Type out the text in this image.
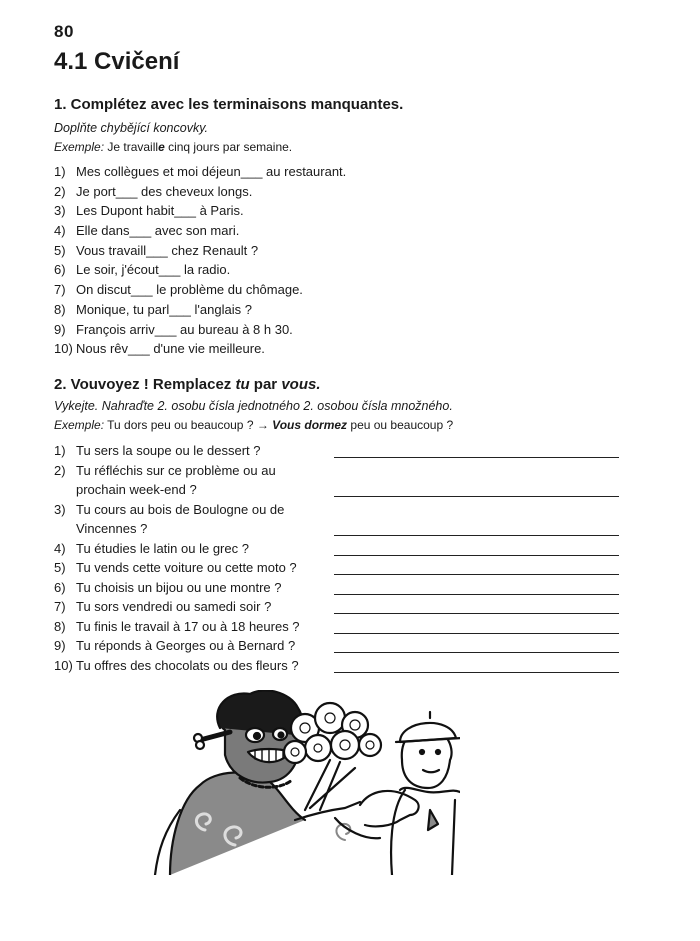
80
4.1 Cvičení
1. Complétez avec les terminaisons manquantes.
Doplňte chybějící koncovky.
Exemple: Je travaille cinq jours par semaine.
1) Mes collègues et moi déjeun___ au restaurant.
2) Je port___ des cheveux longs.
3) Les Dupont habit___ à Paris.
4) Elle dans___ avec son mari.
5) Vous travaill___ chez Renault ?
6) Le soir, j'écout___ la radio.
7) On discut___ le problème du chômage.
8) Monique, tu parl___ l'anglais ?
9) François arriv___ au bureau à 8 h 30.
10) Nous rêv___ d'une vie meilleure.
2. Vouvoyez ! Remplacez tu par vous.
Vykejte. Nahraďte 2. osobu čísla jednotného 2. osobou čísla množného.
Exemple: Tu dors peu ou beaucoup ? → Vous dormez peu ou beaucoup ?
1) Tu sers la soupe ou le dessert ?
2) Tu réfléchis sur ce problème ou au prochain week-end ?
3) Tu cours au bois de Boulogne ou de Vincennes ?
4) Tu étudies le latin ou le grec ?
5) Tu vends cette voiture ou cette moto ?
6) Tu choisis un bijou ou une montre ?
7) Tu sors vendredi ou samedi soir ?
8) Tu finis le travail à 17 ou à 18 heures ?
9) Tu réponds à Georges ou à Bernard ?
10) Tu offres des chocolats ou des fleurs ?
